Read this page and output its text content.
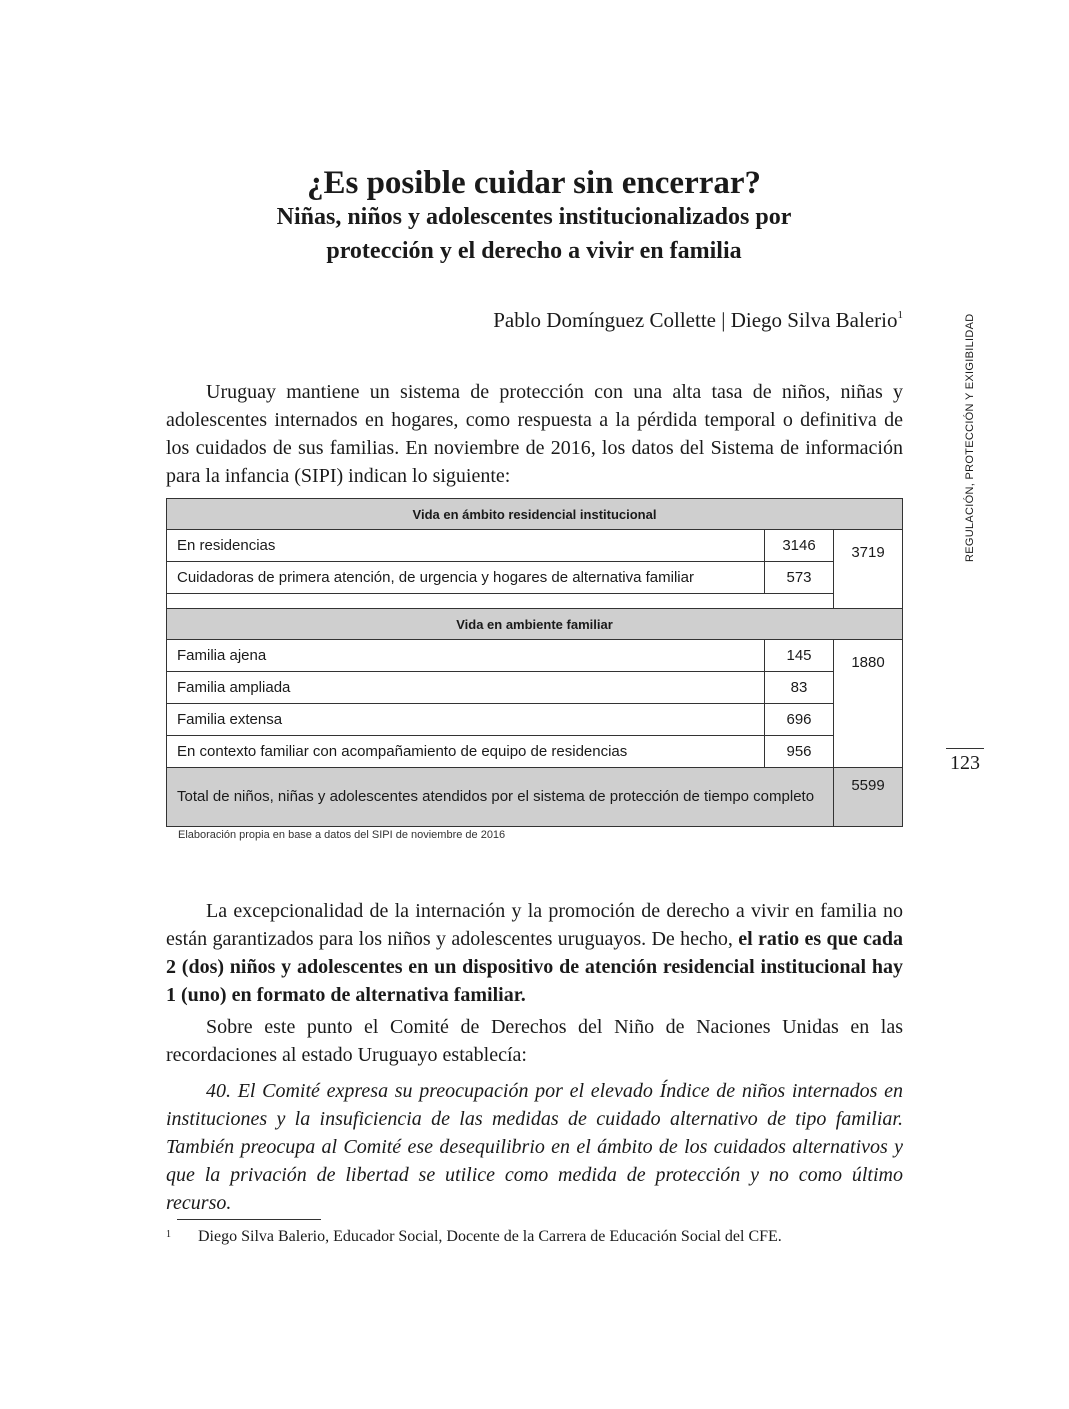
¿Es posible cuidar sin encerrar?
Niñas, niños y adolescentes institucionalizados por
protección y el derecho a vivir en familia
Pablo Domínguez Collette | Diego Silva Balerio$^1$

Uruguay mantiene un sistema de protección con una alta tasa de niños, niñas y adolescentes internados en hogares, como respuesta a la pérdida temporal o definitiva de los cuidados de sus familias. En noviembre de 2016, los datos del Sistema de información para la infancia (SIPI) indican lo siguiente:

Vida en ámbito residencial institucional		
En residencias	3146	3719
Cuidadoras de primera atención, de urgencia y hogares de alternativa familiar	573	

Vida en ambiente familiar		
Familia ajena	145	1880
Familia ampliada	83	
Familia extensa	696	
En contexto familiar con acompañamiento de equipo de residencias	956	
Total de niños, niñas y adolescentes atendidos por el sistema de protección de tiempo completo		5599
Elaboración propia en base a datos del SIPI de noviembre de 2016

La excepcionalidad de la internación y la promoción de derecho a vivir en familia no están garantizados para los niños y adolescentes uruguayos. De hecho, el ratio es que cada 2 (dos) niños y adolescentes en un dispositivo de atención residencial institucional hay 1 (uno) en formato de alternativa familiar.

Sobre este punto el Comité de Derechos del Niño de Naciones Unidas en las recordaciones al estado Uruguayo establecía:

40. El Comité expresa su preocupación por el elevado Índice de niños internados en instituciones y la insuficiencia de las medidas de cuidado alternativo de tipo familiar. También preocupa al Comité ese desequilibrio en el ámbito de los cuidados alternativos y que la privación de libertad se utilice como medida de protección y no como último recurso.

1 Diego Silva Balerio, Educador Social, Docente de la Carrera de Educación Social del CFE.
REGULACIÓN, PROTECCIÓN Y EXIGIBILIDAD
123
